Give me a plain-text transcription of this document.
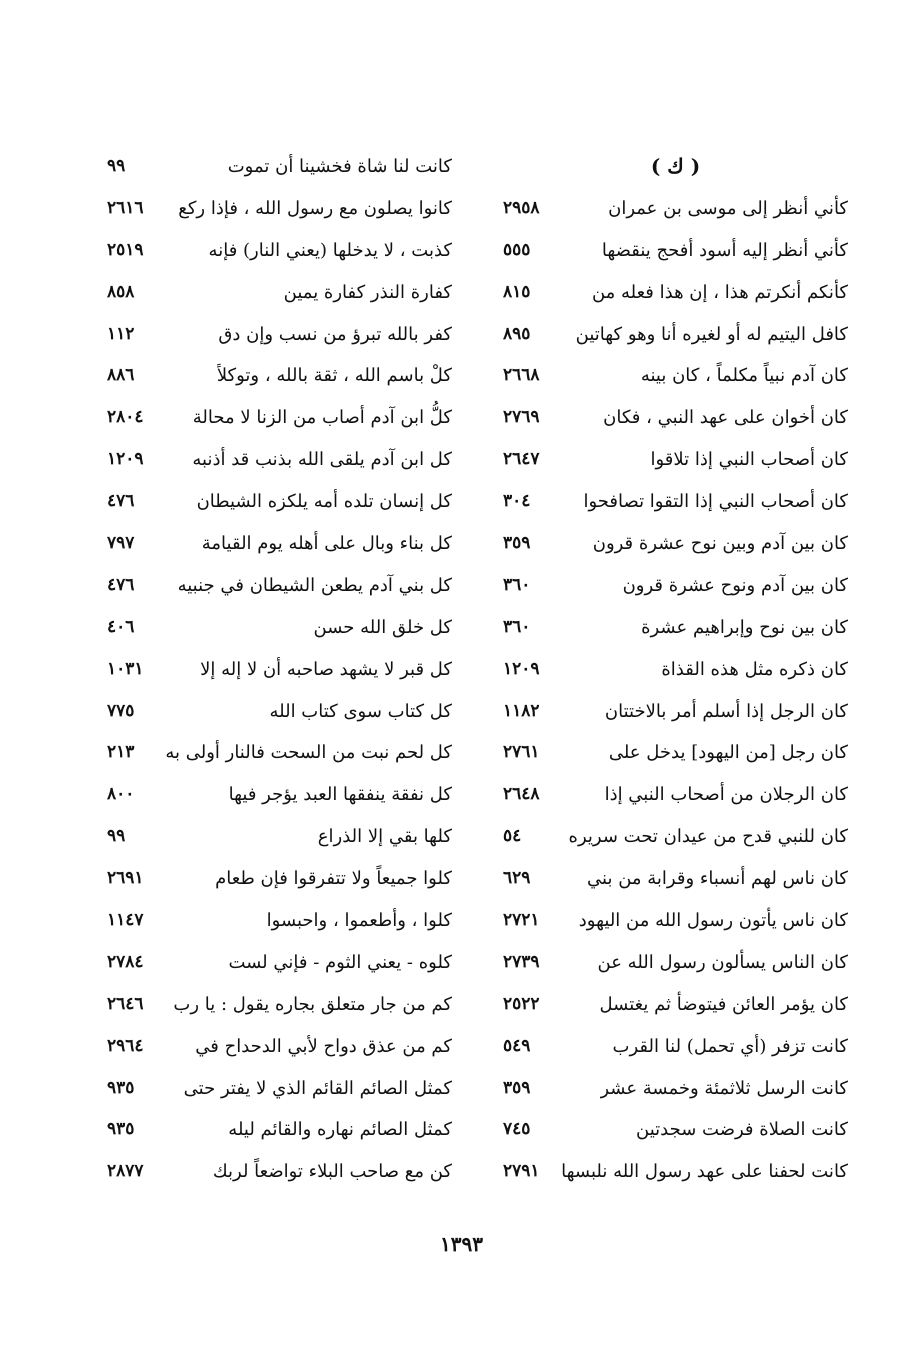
( ك )
كأني أنظر إلى موسى بن عمران
٢٩٥٨
كأني أنظر إليه أسود أفحج ينقضها
٥٥٥
كأنكم أنكرتم هذا ، إن هذا فعله من
٨١٥
كافل اليتيم له أو لغيره أنا وهو كهاتين
٨٩٥
كان آدم نبياً مكلماً ، كان بينه
٢٦٦٨
كان أخوان على عهد النبي ، فكان
٢٧٦٩
كان أصحاب النبي إذا تلاقوا
٢٦٤٧
كان أصحاب النبي إذا التقوا تصافحوا
٣٠٤
كان بين آدم وبين نوح عشرة قرون
٣٥٩
كان بين آدم ونوح عشرة قرون
٣٦٠
كان بين نوح وإبراهيم عشرة
٣٦٠
كان ذكره مثل هذه القذاة
١٢٠٩
كان الرجل إذا أسلم أمر بالاختتان
١١٨٢
كان رجل [من اليهود] يدخل على
٢٧٦١
كان الرجلان من أصحاب النبي إذا
٢٦٤٨
كان للنبي قدح من عيدان تحت سريره
٥٤
كان ناس لهم أنسباء وقرابة من بني
٦٢٩
كان ناس يأتون رسول الله من اليهود
٢٧٢١
كان الناس يسألون رسول الله عن
٢٧٣٩
كان يؤمر العائن فيتوضأ ثم يغتسل
٢٥٢٢
كانت تزفر (أي تحمل) لنا القرب
٥٤٩
كانت الرسل ثلاثمئة وخمسة عشر
٣٥٩
كانت الصلاة فرضت سجدتين
٧٤٥
كانت لحفنا على عهد رسول الله نلبسها
٢٧٩١
كانت لنا شاة فخشينا أن تموت
٩٩
كانوا يصلون مع رسول الله ، فإذا ركع
٢٦١٦
كذبت ، لا يدخلها (يعني النار) فإنه
٢٥١٩
كفارة النذر كفارة يمين
٨٥٨
كفر بالله تبرؤ من نسب وإن دق
١١٢
كلْ باسم الله ، ثقة بالله ، وتوكلاً
٨٨٦
كلُّ ابن آدم أصاب من الزنا لا محالة
٢٨٠٤
كل ابن آدم يلقى الله بذنب قد أذنبه
١٢٠٩
كل إنسان تلده أمه يلكزه الشيطان
٤٧٦
كل بناء وبال على أهله يوم القيامة
٧٩٧
كل بني آدم يطعن الشيطان في جنبيه
٤٧٦
كل خلق الله حسن
٤٠٦
كل قبر لا يشهد صاحبه أن لا إله إلا
١٠٣١
كل كتاب سوى كتاب الله
٧٧٥
كل لحم نبت من السحت فالنار أولى به
٢١٣
كل نفقة ينفقها العبد يؤجر فيها
٨٠٠
كلها بقي إلا الذراع
٩٩
كلوا جميعاً ولا تتفرقوا فإن طعام
٢٦٩١
كلوا ، وأطعموا ، واحبسوا
١١٤٧
كلوه - يعني الثوم - فإني لست
٢٧٨٤
كم من جار متعلق بجاره يقول : يا رب
٢٦٤٦
كم من عذق دواح لأبي الدحداح في
٢٩٦٤
كمثل الصائم القائم الذي لا يفتر حتى
٩٣٥
كمثل الصائم نهاره والقائم ليله
٩٣٥
كن مع صاحب البلاء تواضعاً لربك
٢٨٧٧
١٣٩٣
